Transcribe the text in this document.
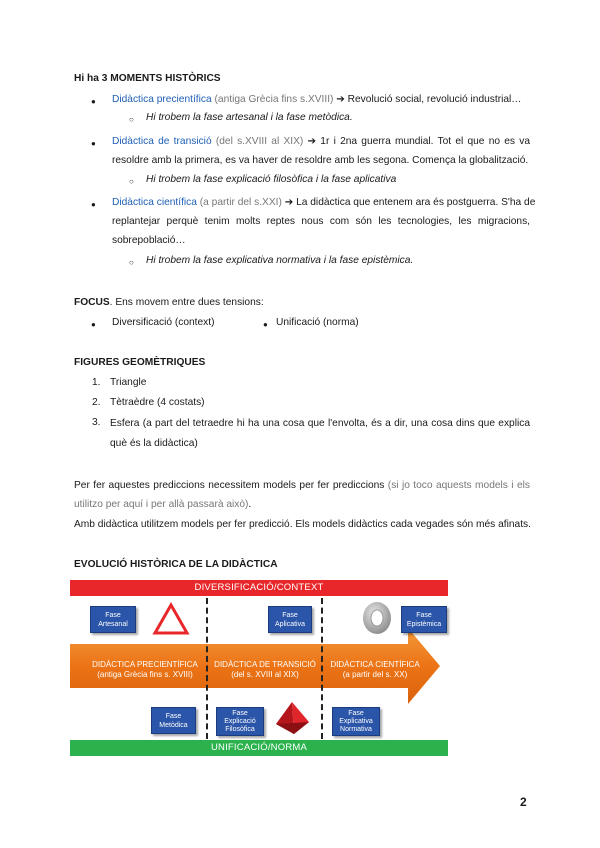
Hi ha 3 MOMENTS HISTÒRICS
● Didàctica precientífica (antiga Grècia fins s.XVIII) ➔ Revolució social, revolució industrial…
○ Hi trobem la fase artesanal i la fase metòdica.
● Didàctica de transició (del s.XVIII al XIX) ➔ 1r i 2na guerra mundial. Tot el que no es va
resoldre amb la primera, es va haver de resoldre amb les segona. Comença la globalització.
○ Hi trobem la fase explicació filosòfica i la fase aplicativa
● Didàctica científica (a partir del s.XXI) ➔ La didàctica que entenem ara és postguerra. S'ha de
replantejar perquè tenim molts reptes nous com són les tecnologies, les migracions,
sobrepoblació…
○ Hi trobem la fase explicativa normativa i la fase epistèmica.
FOCUS. Ens movem entre dues tensions:
● Diversificació (context)	● Unificació (norma)
FIGURES GEOMÈTRIQUES
1. Triangle
2. Tètraèdre (4 costats)
3. Esfera (a part del tetraedre hi ha una cosa que l'envolta, és a dir, una cosa dins que explica
què és la didàctica)
Per fer aquestes prediccions necessitem models per fer prediccions (si jo toco aquests models i els
utilitzo per aquí i per allà passarà això).
Amb didàctica utilitzem models per fer predicció. Els models didàctics cada vegades són més afinats.
EVOLUCIÓ HISTÒRICA DE LA DIDÀCTICA
DIVERSIFICACIÓ/CONTEXT
DIDÀCTICA PRECIENTÍFICA
(antiga Grècia fins s. XVIII)
DIDÀCTICA DE TRANSICIÓ
(del s. XVIII al XIX)
DIDÀCTICA CIENTÍFICA
(a partir del s. XX)
Fase
Artesanal
Fase
Aplicativa
Fase
Epistèmica
Fase
Metòdica
Fase
Explicació
Filosòfica
Fase
Explicativa
Normativa
UNIFICACIÓ/NORMA
2
